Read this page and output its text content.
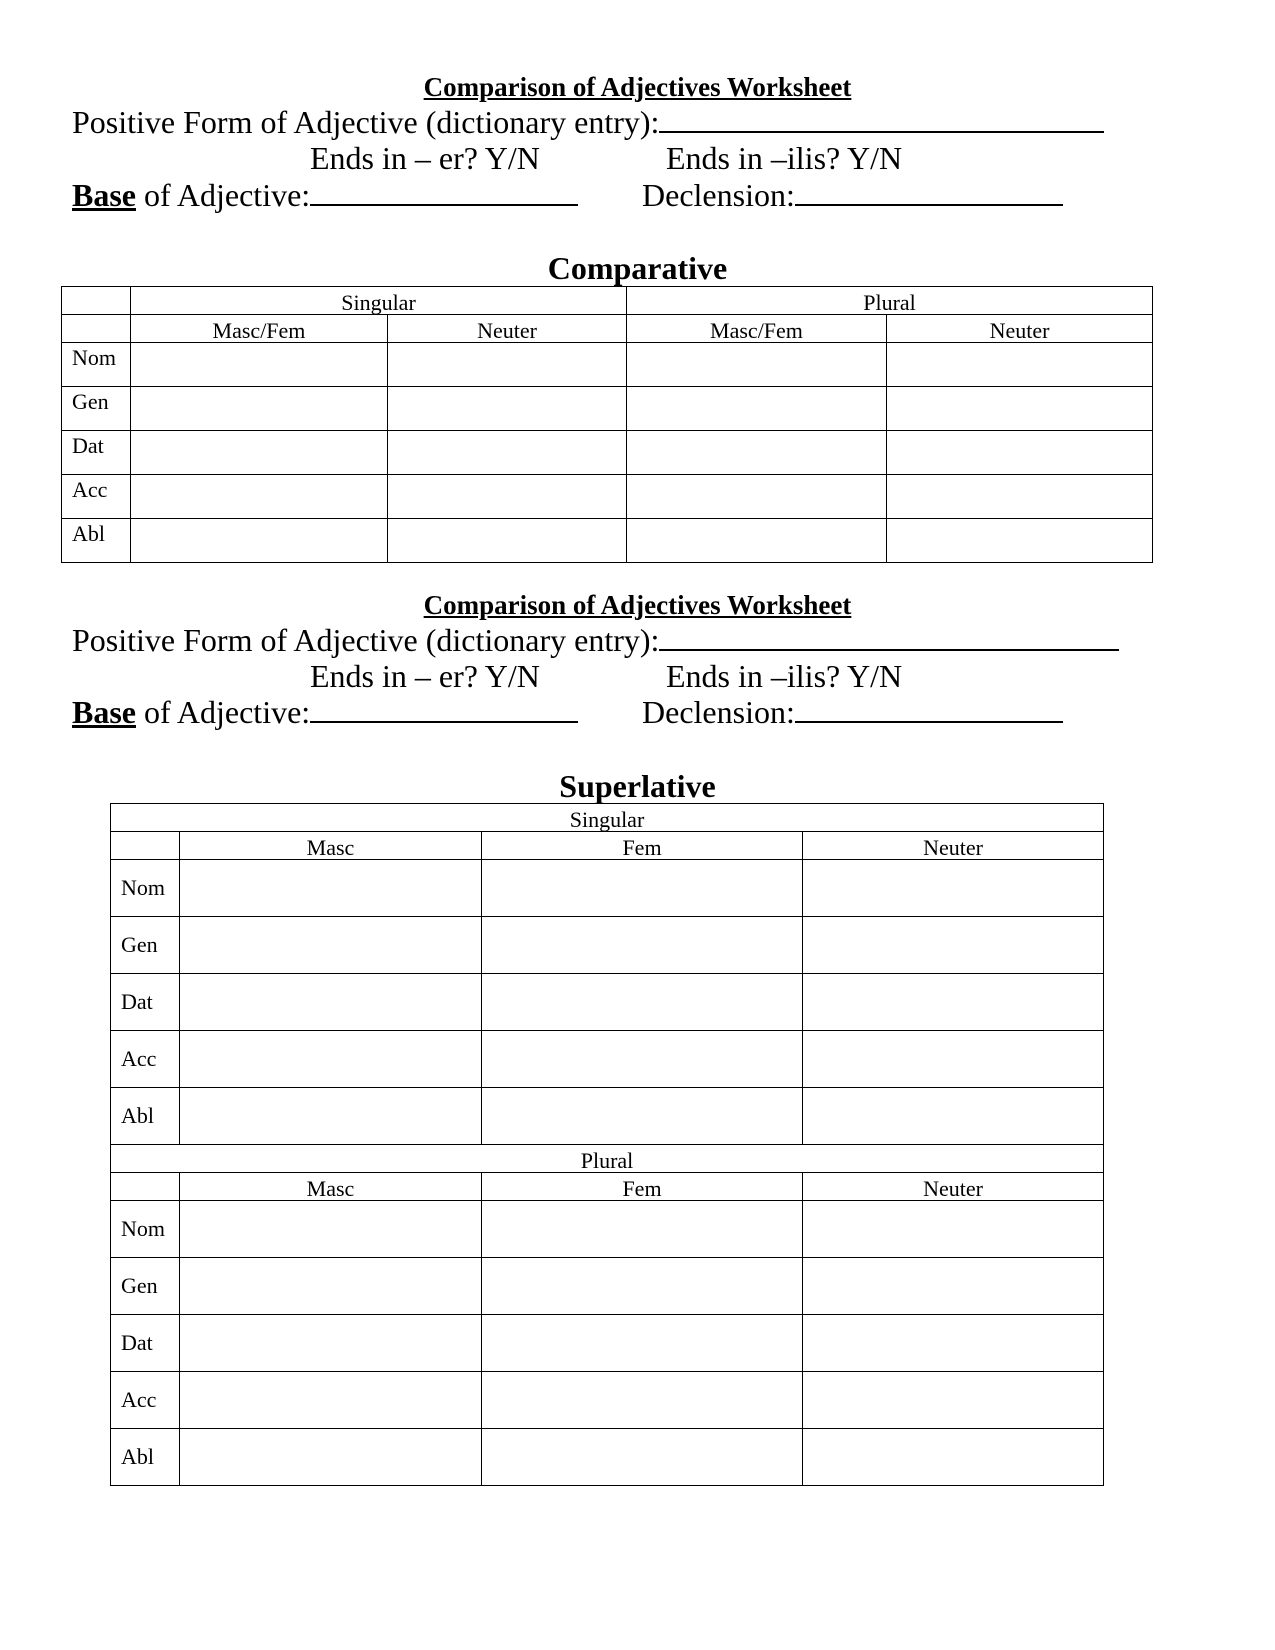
Comparison of Adjectives Worksheet
Positive Form of Adjective (dictionary entry):
Ends in – er? Y/N	Ends in –ilis? Y/N
Base of Adjective:	Declension:
Comparative
	Singular		Plural	
	Masc/Fem	Neuter	Masc/Fem	Neuter
Nom				
Gen				
Dat				
Acc				
Abl				
Comparison of Adjectives Worksheet
Positive Form of Adjective (dictionary entry):
Ends in – er? Y/N	Ends in –ilis? Y/N
Base of Adjective:	Declension:
Superlative
Singular			
	Masc	Fem	Neuter
Nom			
Gen			
Dat			
Acc			
Abl			
Plural			
	Masc	Fem	Neuter
Nom			
Gen			
Dat			
Acc			
Abl			
